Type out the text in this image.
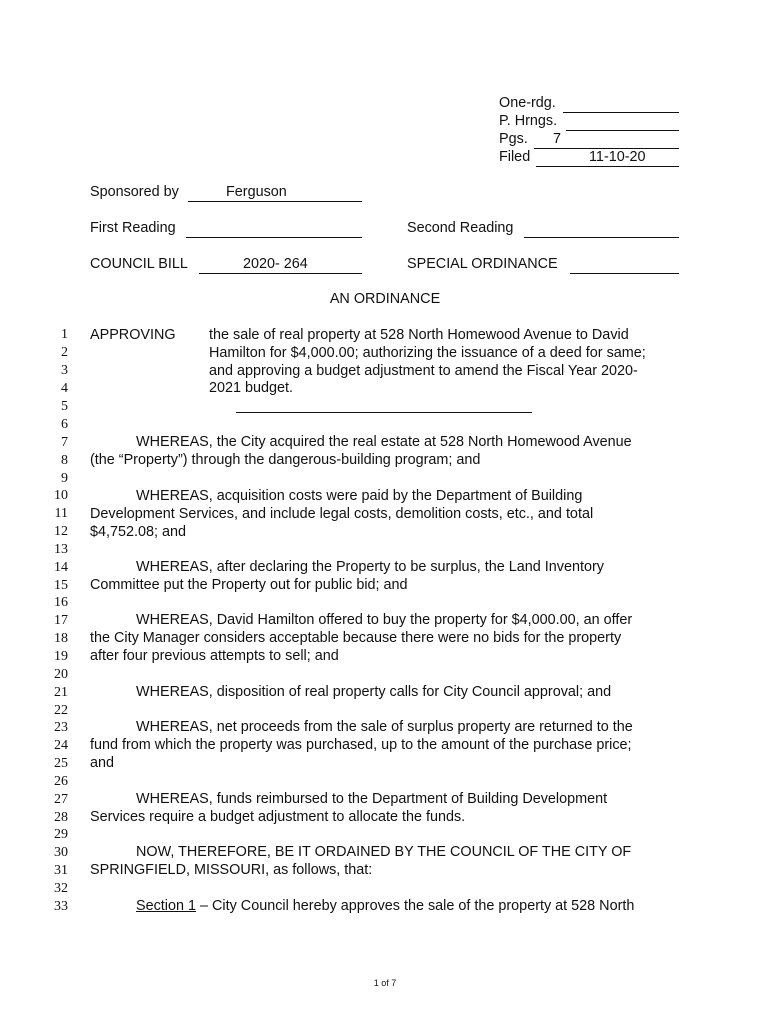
One-rdg.
P. Hrngs.
Pgs. 7
Filed	11-10-20
Sponsored by	Ferguson
First Reading	Second Reading
COUNCIL BILL	2020- 264	SPECIAL ORDINANCE
AN ORDINANCE
1
2
3
4
5
6
7
8
9
10
11
12
13
14
15
16
17
18
19
20
21
22
23
24
25
26
27
28
29
30
31
32
33
APPROVING the sale of real property at 528 North Homewood Avenue to David
Hamilton for $4,000.00; authorizing the issuance of a deed for same;
and approving a budget adjustment to amend the Fiscal Year 2020-
2021 budget.
WHEREAS, the City acquired the real estate at 528 North Homewood Avenue
(the “Property”) through the dangerous-building program; and
WHEREAS, acquisition costs were paid by the Department of Building
Development Services, and include legal costs, demolition costs, etc., and total
$4,752.08; and
WHEREAS, after declaring the Property to be surplus, the Land Inventory
Committee put the Property out for public bid; and
WHEREAS, David Hamilton offered to buy the property for $4,000.00, an offer
the City Manager considers acceptable because there were no bids for the property
after four previous attempts to sell; and
WHEREAS, disposition of real property calls for City Council approval; and
WHEREAS, net proceeds from the sale of surplus property are returned to the
fund from which the property was purchased, up to the amount of the purchase price;
and
WHEREAS, funds reimbursed to the Department of Building Development
Services require a budget adjustment to allocate the funds.
NOW, THEREFORE, BE IT ORDAINED BY THE COUNCIL OF THE CITY OF
SPRINGFIELD, MISSOURI, as follows, that:
Section 1 – City Council hereby approves the sale of the property at 528 North
1 of 7
